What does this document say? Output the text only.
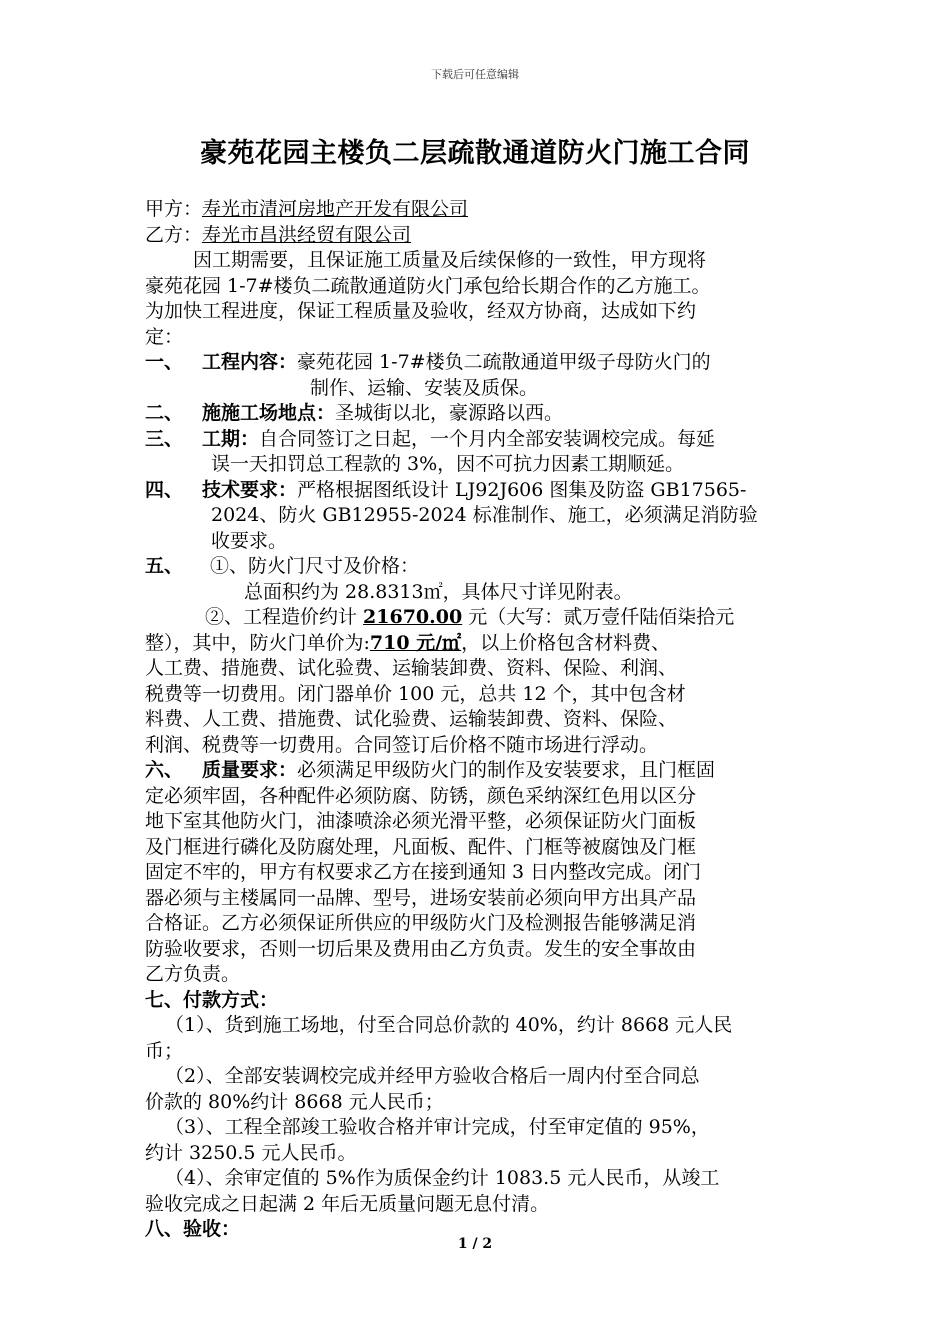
下载后可任意编辑
豪苑花园主楼负二层疏散通道防火门施工合同
甲方：寿光市清河房地产开发有限公司
乙方：寿光市昌洪经贸有限公司
因工期需要，且保证施工质量及后续保修的一致性，甲方现将
豪苑花园 1-7#楼负二疏散通道防火门承包给长期合作的乙方施工。
为加快工程进度，保证工程质量及验收，经双方协商，达成如下约
定：
一、 工程内容：豪苑花园 1-7#楼负二疏散通道甲级子母防火门的
制作、运输、安装及质保。
二、 施施工场地点：圣城街以北，豪源路以西。
三、 工期：自合同签订之日起，一个月内全部安装调校完成。每延
误一天扣罚总工程款的 3%，因不可抗力因素工期顺延。
四、 技术要求：严格根据图纸设计 LJ92J606 图集及防盗 GB17565-
2024、防火 GB12955-2024 标准制作、施工，必须满足消防验
收要求。
五、 ①、防火门尺寸及价格：
总面积约为 28.8313㎡，具体尺寸详见附表。
②、工程造价约计 21670.00 元（大写：贰万壹仟陆佰柒拾元
整），其中，防火门单价为:710 元/㎡，以上价格包含材料费、
人工费、措施费、试化验费、运输装卸费、资料、保险、利润、
税费等一切费用。闭门器单价 100 元，总共 12 个，其中包含材
料费、人工费、措施费、试化验费、运输装卸费、资料、保险、
利润、税费等一切费用。合同签订后价格不随市场进行浮动。
六、 质量要求：必须满足甲级防火门的制作及安装要求，且门框固
定必须牢固，各种配件必须防腐、防锈，颜色采纳深红色用以区分
地下室其他防火门，油漆喷涂必须光滑平整，必须保证防火门面板
及门框进行磷化及防腐处理，凡面板、配件、门框等被腐蚀及门框
固定不牢的，甲方有权要求乙方在接到通知 3 日内整改完成。闭门
器必须与主楼属同一品牌、型号，进场安装前必须向甲方出具产品
合格证。乙方必须保证所供应的甲级防火门及检测报告能够满足消
防验收要求，否则一切后果及费用由乙方负责。发生的安全事故由
乙方负责。
七、付款方式：
（1）、货到施工场地，付至合同总价款的 40%，约计 8668 元人民
币；
（2）、全部安装调校完成并经甲方验收合格后一周内付至合同总
价款的 80%约计 8668 元人民币；
（3）、工程全部竣工验收合格并审计完成，付至审定值的 95%，
约计 3250.5 元人民币。
（4）、余审定值的 5%作为质保金约计 1083.5 元人民币，从竣工
验收完成之日起满 2 年后无质量问题无息付清。
八、验收：
1 / 2
